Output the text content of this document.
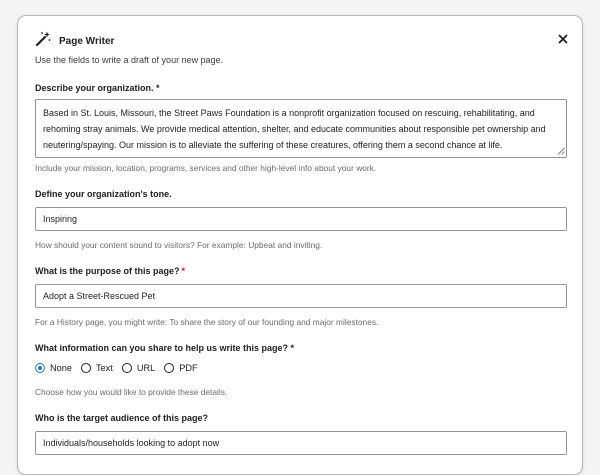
Page Writer
Use the fields to write a draft of your new page.
Describe your organization. *
Based in St. Louis, Missouri, the Street Paws Foundation is a nonprofit organization focused on rescuing, rehabilitating, and rehoming stray animals. We provide medical attention, shelter, and educate communities about responsible pet ownership and neutering/spaying. Our mission is to alleviate the suffering of these creatures, offering them a second chance at life.
Include your mission, location, programs, services and other high-level info about your work.
Define your organization's tone.
Inspiring
How should your content sound to visitors? For example: Upbeat and inviting.
What is the purpose of this page? *
Adopt a Street-Rescued Pet
For a History page, you might write: To share the story of our founding and major milestones.
What information can you share to help us write this page? *
None	Text	URL	PDF
Choose how you would like to provide these details.
Who is the target audience of this page?
Individuals/households looking to adopt now
